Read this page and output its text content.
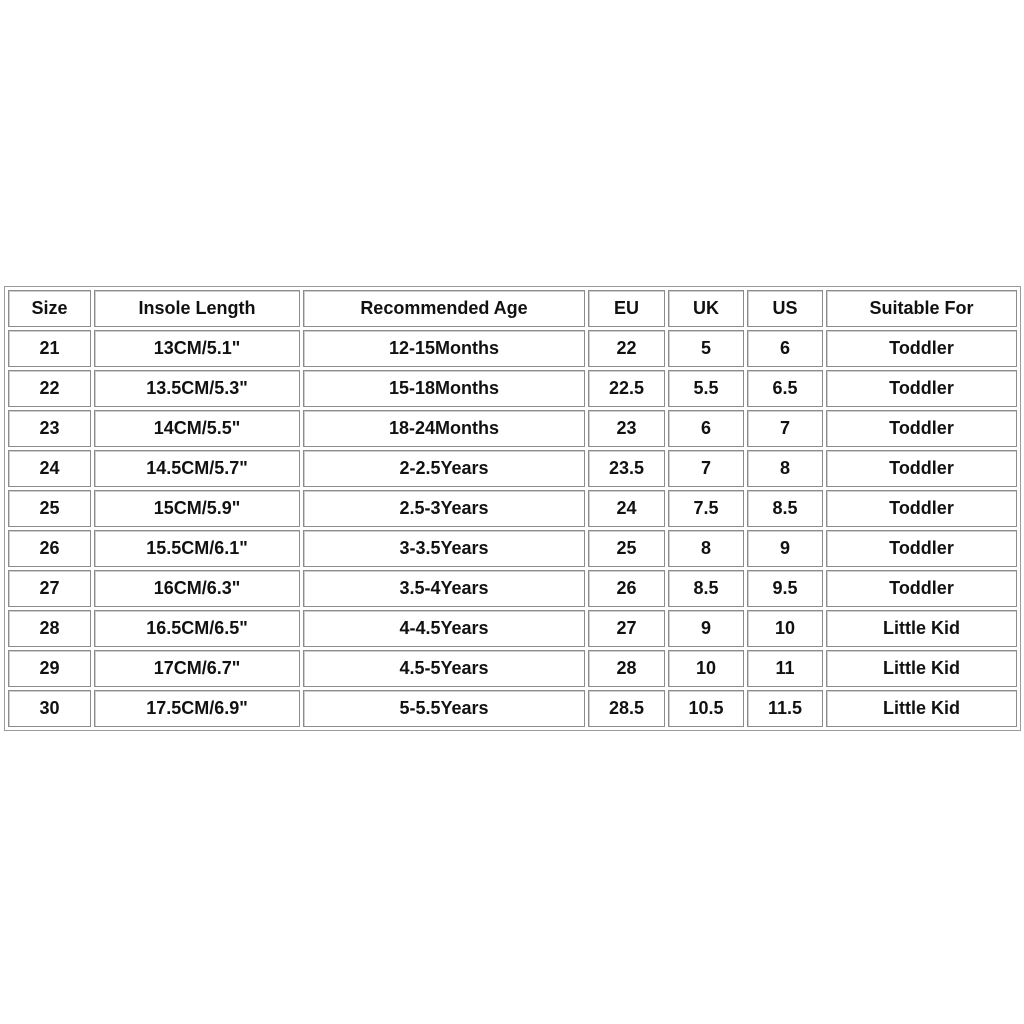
Size	Insole Length	Recommended Age	EU	UK	US	Suitable For
21	13CM/5.1"	12-15Months	22	5	6	Toddler
22	13.5CM/5.3"	15-18Months	22.5	5.5	6.5	Toddler
23	14CM/5.5"	18-24Months	23	6	7	Toddler
24	14.5CM/5.7"	2-2.5Years	23.5	7	8	Toddler
25	15CM/5.9"	2.5-3Years	24	7.5	8.5	Toddler
26	15.5CM/6.1"	3-3.5Years	25	8	9	Toddler
27	16CM/6.3"	3.5-4Years	26	8.5	9.5	Toddler
28	16.5CM/6.5"	4-4.5Years	27	9	10	Little Kid
29	17CM/6.7"	4.5-5Years	28	10	11	Little Kid
30	17.5CM/6.9"	5-5.5Years	28.5	10.5	11.5	Little Kid
